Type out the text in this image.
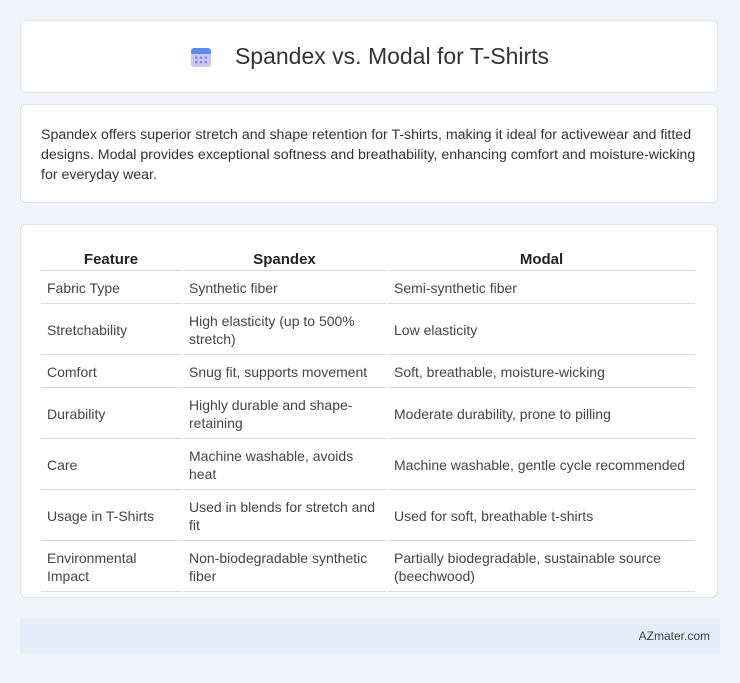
Spandex vs. Modal for T-Shirts

Spandex offers superior stretch and shape retention for T-shirts, making it ideal for activewear and fitted designs. Modal provides exceptional softness and breathability, enhancing comfort and moisture-wicking for everyday wear.

Feature	Spandex	Modal
Fabric Type	Synthetic fiber	Semi-synthetic fiber
Stretchability	High elasticity (up to 500% stretch)	Low elasticity
Comfort	Snug fit, supports movement	Soft, breathable, moisture-wicking
Durability	Highly durable and shape-retaining	Moderate durability, prone to pilling
Care	Machine washable, avoids heat	Machine washable, gentle cycle recommended
Usage in T-Shirts	Used in blends for stretch and fit	Used for soft, breathable t-shirts
Environmental Impact	Non-biodegradable synthetic fiber	Partially biodegradable, sustainable source (beechwood)
AZmater.com
